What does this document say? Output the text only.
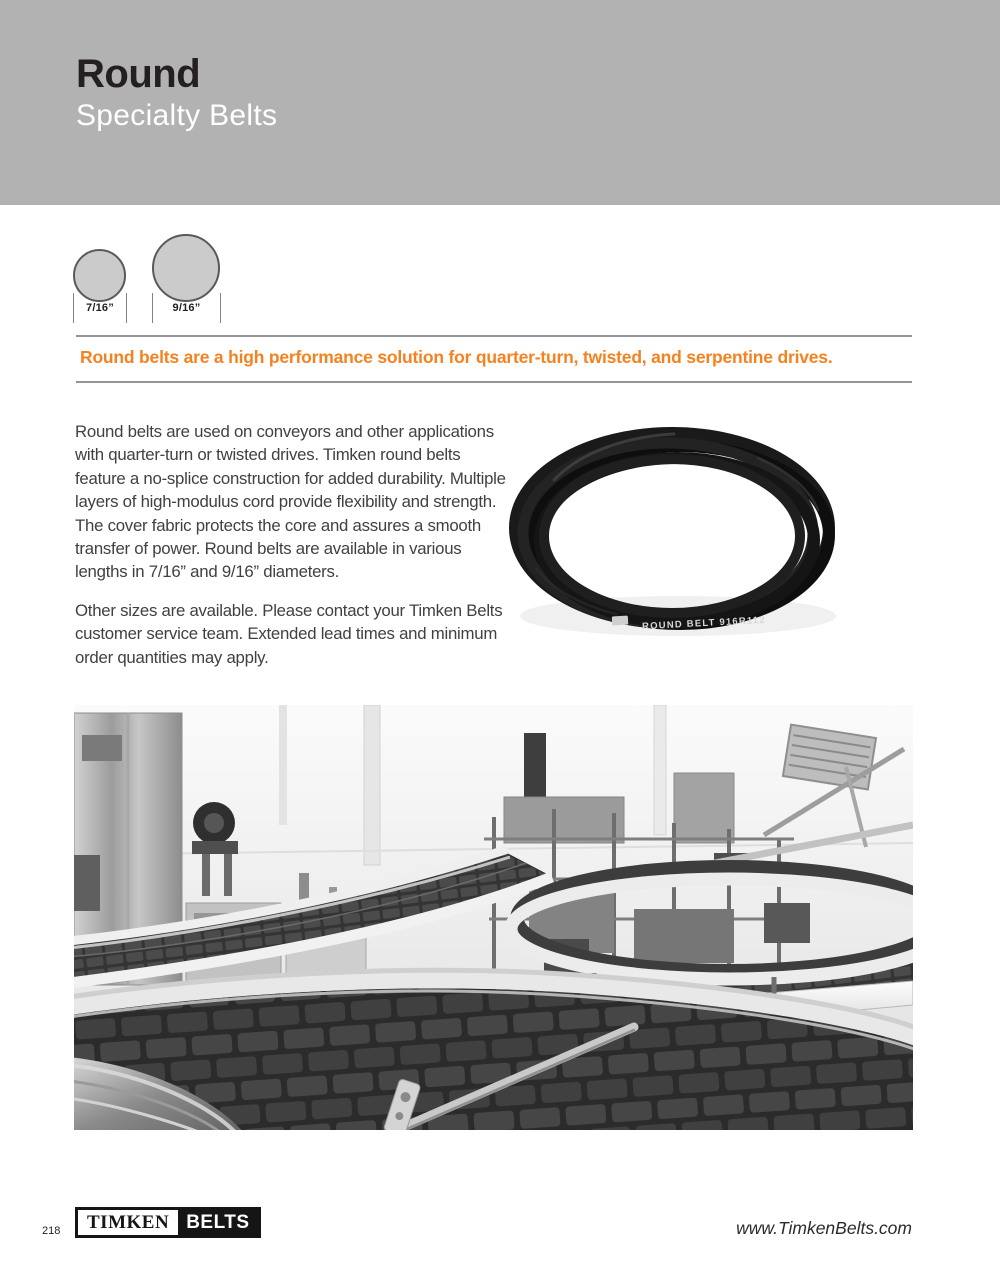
Round
Specialty Belts
7/16”	9/16”

Round belts are a high performance solution for quarter-turn, twisted, and serpentine drives.

Round belts are used on conveyors and other applications with quarter-turn or twisted drives. Timken round belts feature a no-splice construction for added durability. Multiple layers of high-modulus cord provide flexibility and strength. The cover fabric protects the core and assures a smooth transfer of power. Round belts are available in various lengths in 7/16” and 9/16” diameters.

Other sizes are available. Please contact your Timken Belts customer service team. Extended lead times and minimum order quantities may apply.

ROUND BELT 916R112
218	TIMKEN BELTS	www.TimkenBelts.com
